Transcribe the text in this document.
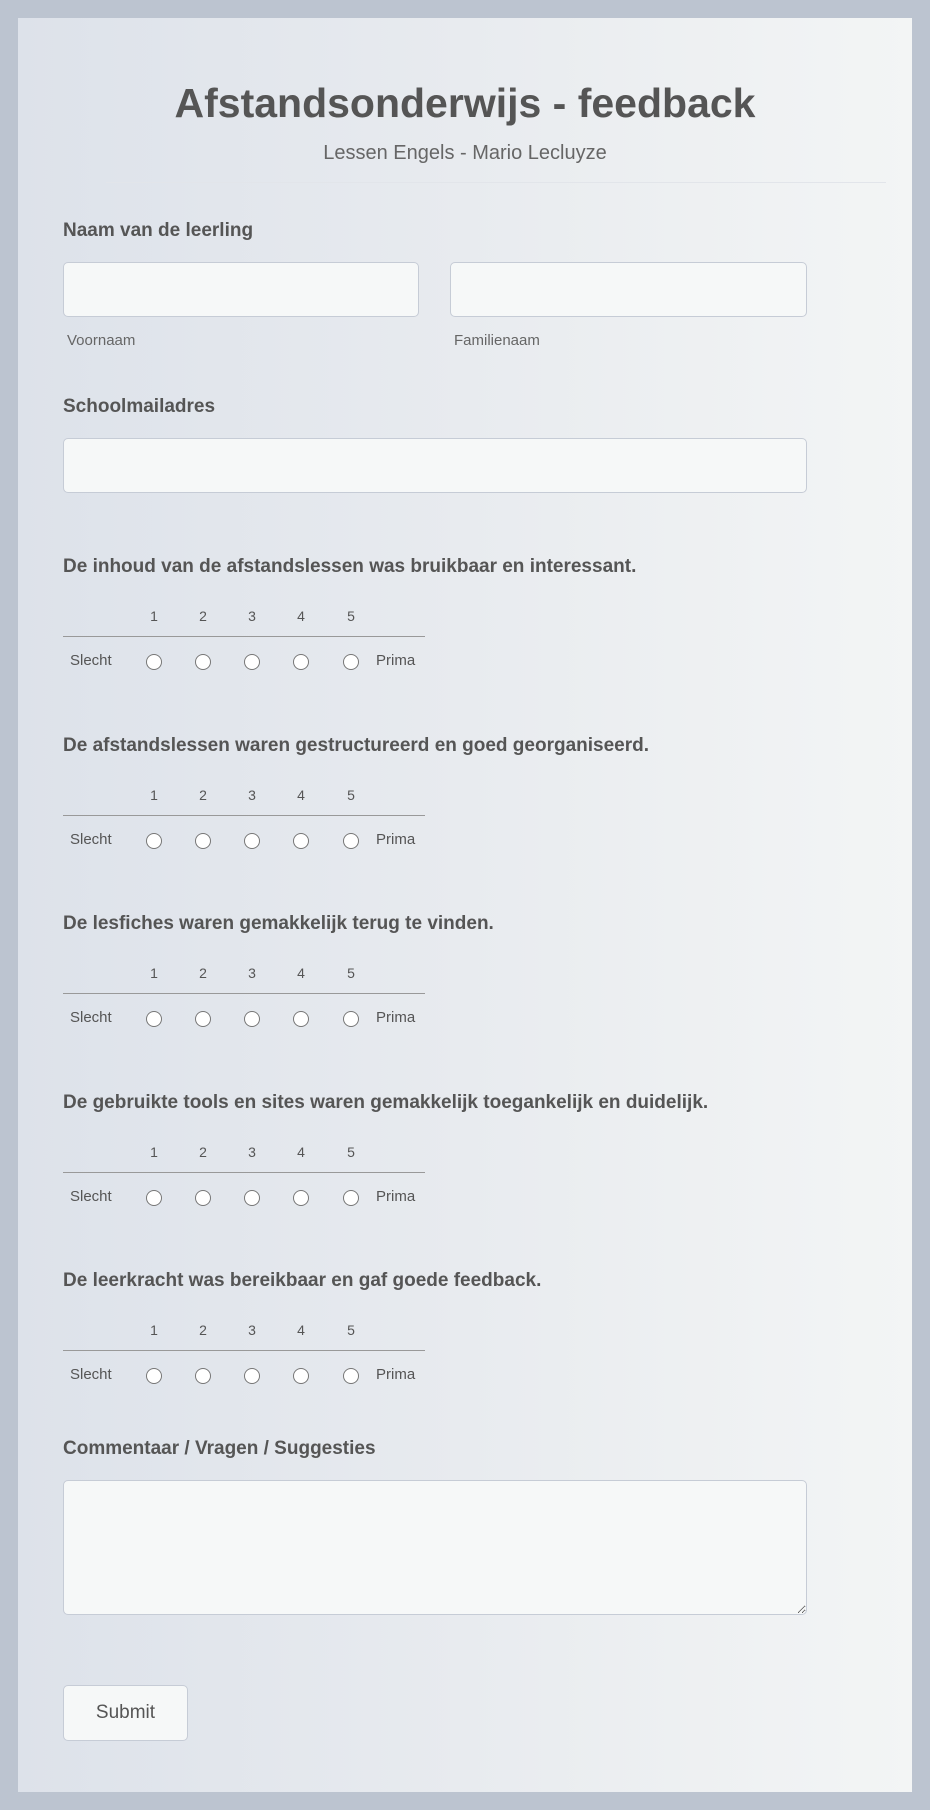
Afstandsonderwijs - feedback
Lessen Engels - Mario Lecluyze
Naam van de leerling
Voornaam	Familienaam
Schoolmailadres
De inhoud van de afstandslessen was bruikbaar en interessant.
1	2	3	4	5
Slecht	Prima
De afstandslessen waren gestructureerd en goed georganiseerd.
1	2	3	4	5
Slecht	Prima
De lesfiches waren gemakkelijk terug te vinden.
1	2	3	4	5
Slecht	Prima
De gebruikte tools en sites waren gemakkelijk toegankelijk en duidelijk.
1	2	3	4	5
Slecht	Prima
De leerkracht was bereikbaar en gaf goede feedback.
1	2	3	4	5
Slecht	Prima
Commentaar / Vragen / Suggesties
Submit
